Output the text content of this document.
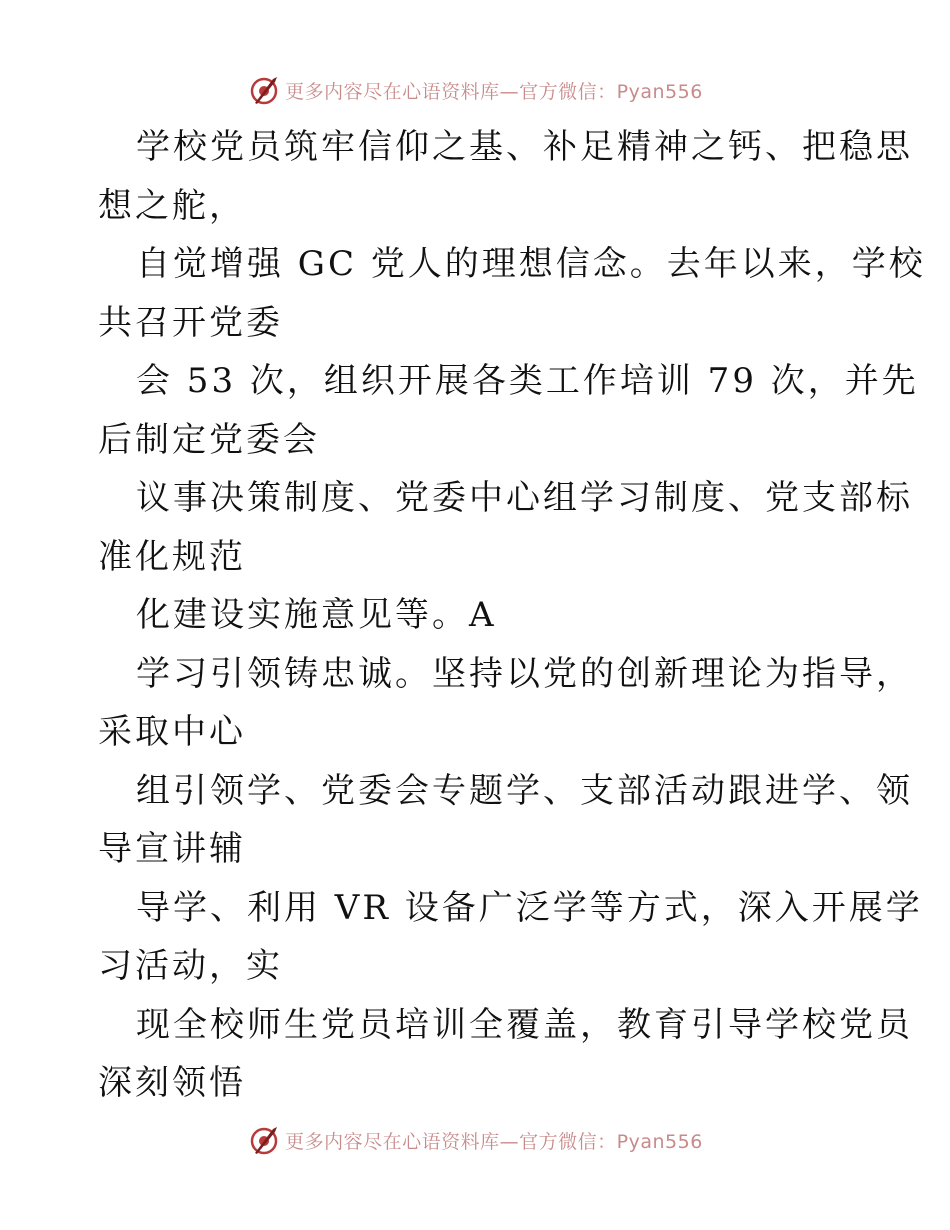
更多内容尽在心语资料库—官方微信：Pyan556

学校党员筑牢信仰之基、补足精神之钙、把稳思
想之舵，

自觉增强 GC 党人的理想信念。去年以来，学校
共召开党委

会 53 次，组织开展各类工作培训 79 次，并先
后制定党委会

议事决策制度、党委中心组学习制度、党支部标
准化规范

化建设实施意见等。A

学习引领铸忠诚。坚持以党的创新理论为指导，
采取中心

组引领学、党委会专题学、支部活动跟进学、领
导宣讲辅

导学、利用 VR 设备广泛学等方式，深入开展学
习活动，实

现全校师生党员培训全覆盖，教育引导学校党员
深刻领悟

更多内容尽在心语资料库—官方微信：Pyan556
